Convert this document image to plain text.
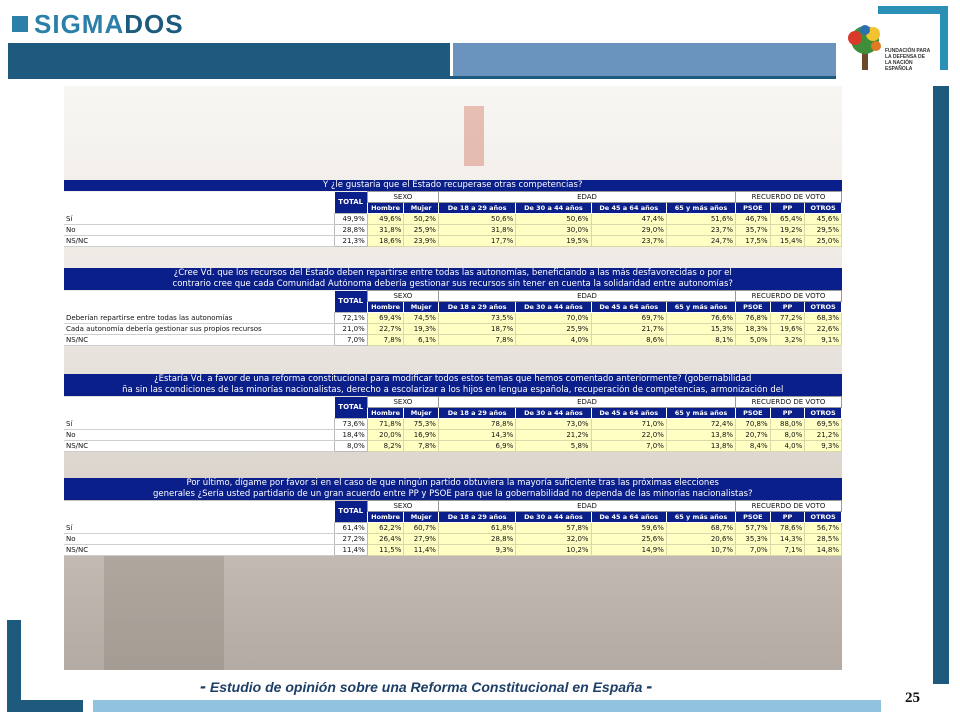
SIGMA DOS
FUNDACIÓN PARA LA DEFENSA DE LA NACIÓN ESPAÑOLA
Y ¿le gustaría que el Estado recuperase otras competencias?										
	TOTAL	SEXO		EDAD				RECUERDO DE VOTO		
		Hombre	Mujer	De 18 a 29 años	De 30 a 44 años	De 45 a 64 años	65 y más años	PSOE	PP	OTROS
Sí	49,9%	49,6%	50,2%	50,6%	50,6%	47,4%	51,6%	46,7%	65,4%	45,6%
No	28,8%	31,8%	25,9%	31,8%	30,0%	29,0%	23,7%	35,7%	19,2%	29,5%
NS/NC	21,3%	18,6%	23,9%	17,7%	19,5%	23,7%	24,7%	17,5%	15,4%	25,0%
¿Cree Vd. que los recursos del Estado deben repartirse entre todas las autonomías, beneficiando a las más desfavorecidas o por el										
contrario cree que cada Comunidad Autónoma debería gestionar sus recursos sin tener en cuenta la solidaridad entre autonomías?										
	TOTAL	SEXO		EDAD				RECUERDO DE VOTO		
		Hombre	Mujer	De 18 a 29 años	De 30 a 44 años	De 45 a 64 años	65 y más años	PSOE	PP	OTROS
Deberían repartirse entre todas las autonomías	72,1%	69,4%	74,5%	73,5%	70,0%	69,7%	76,6%	76,8%	77,2%	68,3%
Cada autonomía debería gestionar sus propios recursos	21,0%	22,7%	19,3%	18,7%	25,9%	21,7%	15,3%	18,3%	19,6%	22,6%
NS/NC	7,0%	7,8%	6,1%	7,8%	4,0%	8,6%	8,1%	5,0%	3,2%	9,1%
¿Estaría Vd. a favor de una reforma constitucional para modificar todos estos temas que hemos comentado anteriormente? (gobernabilidad										
ña sin las condiciones de las minorías nacionalistas, derecho a escolarizar a los hijos en lengua española, recuperación de competencias, armonización del										
	TOTAL	SEXO		EDAD				RECUERDO DE VOTO		
		Hombre	Mujer	De 18 a 29 años	De 30 a 44 años	De 45 a 64 años	65 y más años	PSOE	PP	OTROS
Sí	73,6%	71,8%	75,3%	78,8%	73,0%	71,0%	72,4%	70,8%	88,0%	69,5%
No	18,4%	20,0%	16,9%	14,3%	21,2%	22,0%	13,8%	20,7%	8,0%	21,2%
NS/NC	8,0%	8,2%	7,8%	6,9%	5,8%	7,0%	13,8%	8,4%	4,0%	9,3%
Por último, dígame por favor si en el caso de que ningún partido obtuviera la mayoría suficiente tras las próximas elecciones										
generales ¿Sería usted partidario de un gran acuerdo entre PP y PSOE para que la gobernabilidad no dependa de las minorías nacionalistas?										
	TOTAL	SEXO		EDAD				RECUERDO DE VOTO		
		Hombre	Mujer	De 18 a 29 años	De 30 a 44 años	De 45 a 64 años	65 y más años	PSOE	PP	OTROS
Sí	61,4%	62,2%	60,7%	61,8%	57,8%	59,6%	68,7%	57,7%	78,6%	56,7%
No	27,2%	26,4%	27,9%	28,8%	32,0%	25,6%	20,6%	35,3%	14,3%	28,5%
NS/NC	11,4%	11,5%	11,4%	9,3%	10,2%	14,9%	10,7%	7,0%	7,1%	14,8%
- Estudio de opinión sobre una Reforma Constitucional en España -
25
